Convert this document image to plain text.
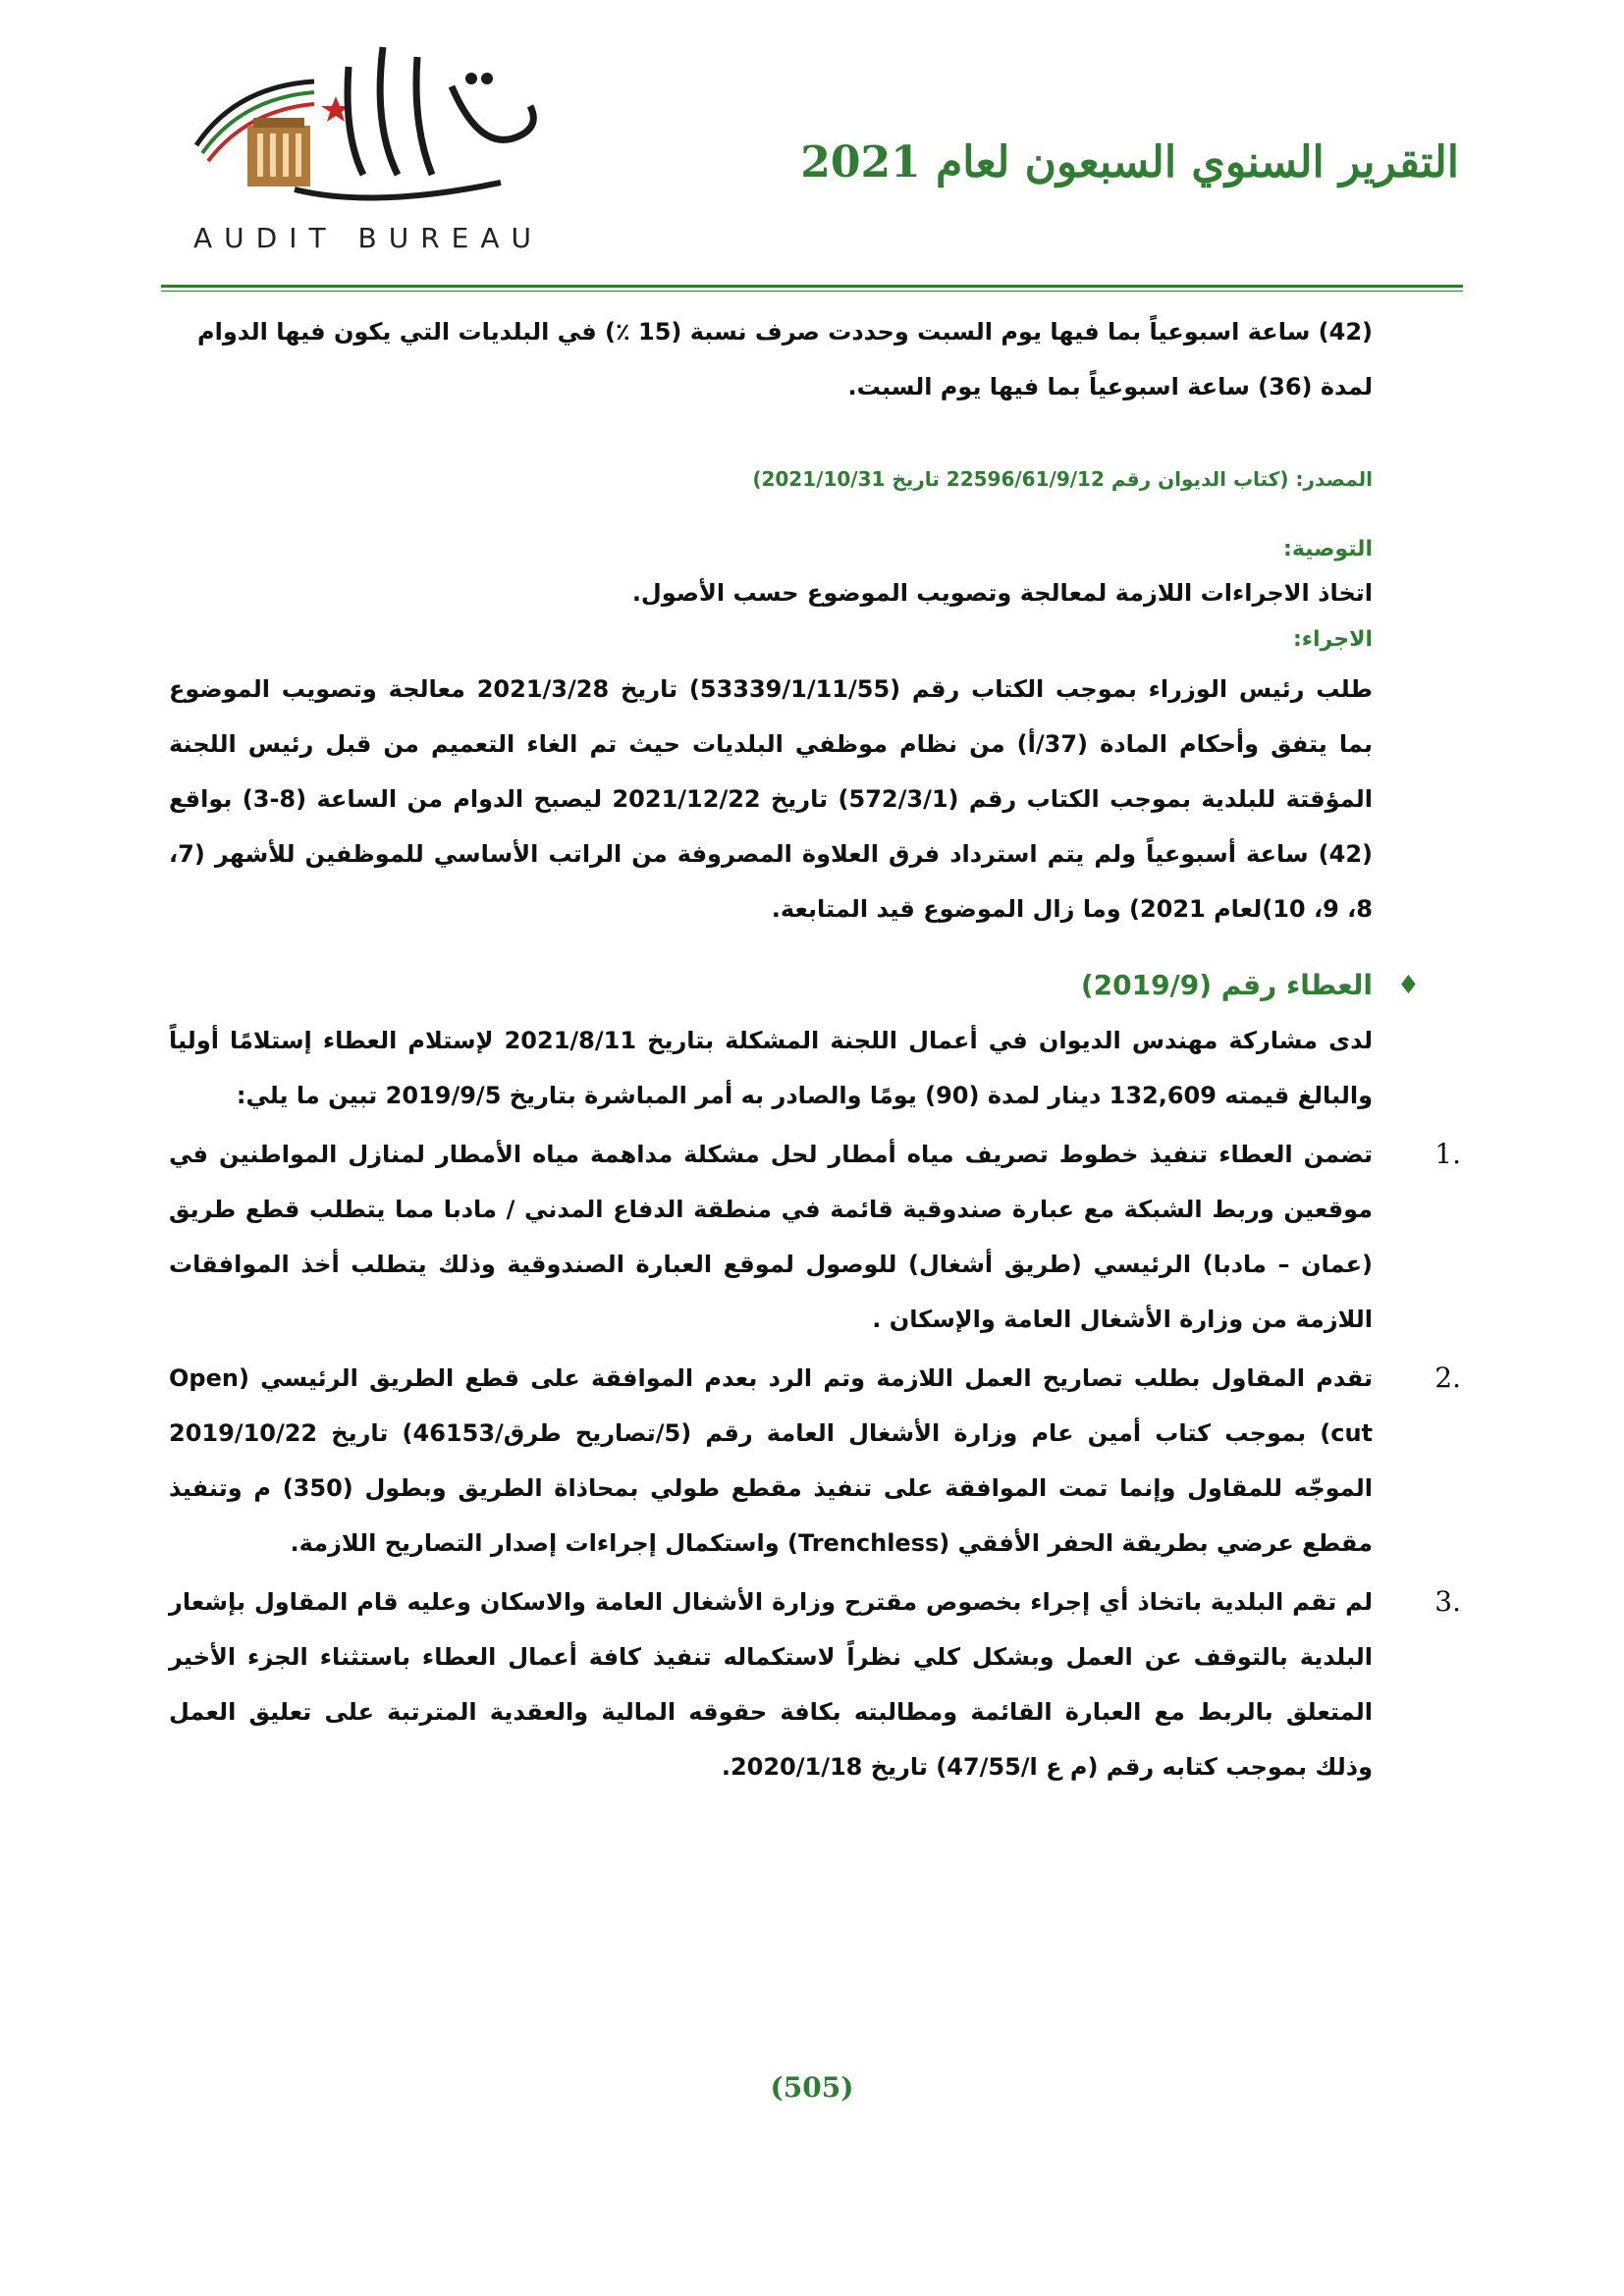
AUDIT BUREAU
التقرير السنوي السبعون لعام 2021

(42) ساعة اسبوعياً بما فيها يوم السبت وحددت صرف نسبة (15 ٪) في البلديات التي يكون فيها الدوام

لمدة (36) ساعة اسبوعياً بما فيها يوم السبت.

المصدر: (كتاب الديوان رقم 22596/61/9/12 تاريخ 2021/10/31)

التوصية:

اتخاذ الاجراءات اللازمة لمعالجة وتصويب الموضوع حسب الأصول.

الاجراء:

طلب رئيس الوزراء بموجب الكتاب رقم (53339/1/11/55) تاريخ 2021/3/28 معالجة وتصويب الموضوع بما يتفق وأحكام المادة (37/أ) من نظام موظفي البلديات حيث تم الغاء التعميم من قبل رئيس اللجنة المؤقتة للبلدية بموجب الكتاب رقم (572/3/1) تاريخ 2021/12/22 ليصبح الدوام من الساعة (8-3) بواقع (42) ساعة أسبوعياً ولم يتم استرداد فرق العلاوة المصروفة من الراتب الأساسي للموظفين للأشهر (7، 8، 9، 10)لعام 2021) وما زال الموضوع قيد المتابعة.

♦
العطاء رقم (2019/9)

لدى مشاركة مهندس الديوان في أعمال اللجنة المشكلة بتاريخ 2021/8/11 لإستلام العطاء إستلامًا أولياً والبالغ قيمته 132,609 دينار لمدة (90) يومًا والصادر به أمر المباشرة بتاريخ 2019/9/5 تبين ما يلي:

1.

تضمن العطاء تنفيذ خطوط تصريف مياه أمطار لحل مشكلة مداهمة مياه الأمطار لمنازل المواطنين في موقعين وربط الشبكة مع عبارة صندوقية قائمة في منطقة الدفاع المدني / مادبا مما يتطلب قطع طريق (عمان – مادبا) الرئيسي (طريق أشغال) للوصول لموقع العبارة الصندوقية وذلك يتطلب أخذ الموافقات اللازمة من وزارة الأشغال العامة والإسكان .

2.

تقدم المقاول بطلب تصاريح العمل اللازمة وتم الرد بعدم الموافقة على قطع الطريق الرئيسي (Open cut) بموجب كتاب أمين عام وزارة الأشغال العامة رقم (5/تصاريح طرق/46153) تاريخ 2019/10/22 الموجّه للمقاول وإنما تمت الموافقة على تنفيذ مقطع طولي بمحاذاة الطريق وبطول (350) م وتنفيذ مقطع عرضي بطريقة الحفر الأفقي (Trenchless) واستكمال إجراءات إصدار التصاريح اللازمة.

3.

لم تقم البلدية باتخاذ أي إجراء بخصوص مقترح وزارة الأشغال العامة والاسكان وعليه قام المقاول بإشعار البلدية بالتوقف عن العمل وبشكل كلي نظراً لاستكماله تنفيذ كافة أعمال العطاء باستثناء الجزء الأخير المتعلق بالربط مع العبارة القائمة ومطالبته بكافة حقوقه المالية والعقدية المترتبة على تعليق العمل وذلك بموجب كتابه رقم (م ع ا/47/55) تاريخ 2020/1/18.

(505)
